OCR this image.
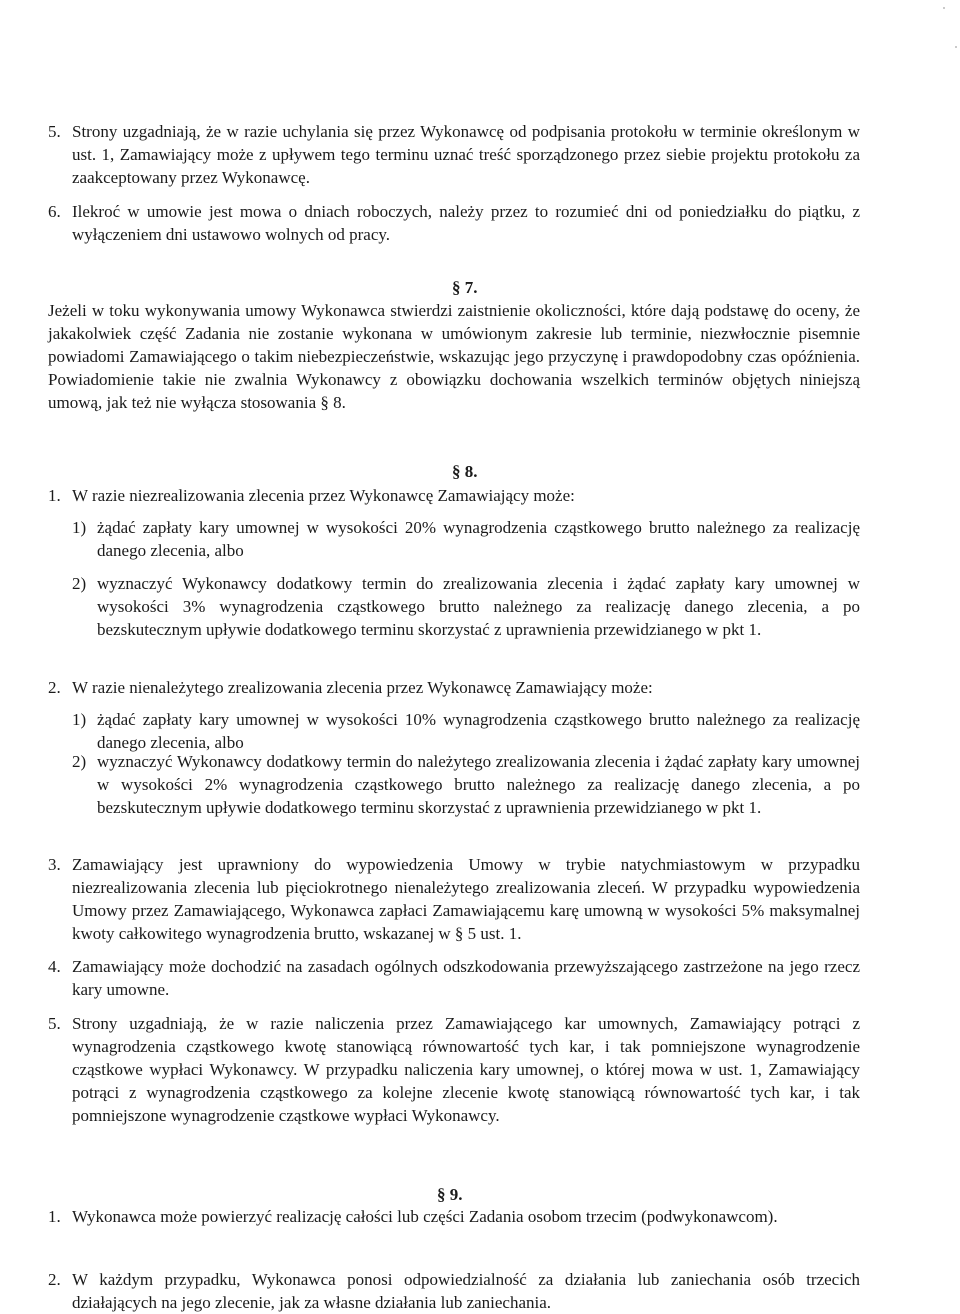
5. Strony uzgadniają, że w razie uchylania się przez Wykonawcę od podpisania protokołu w terminie określonym w ust. 1, Zamawiający może z upływem tego terminu uznać treść sporządzonego przez siebie projektu protokołu za zaakceptowany przez Wykonawcę.
6. Ilekroć w umowie jest mowa o dniach roboczych, należy przez to rozumieć dni od poniedziałku do piątku, z wyłączeniem dni ustawowo wolnych od pracy.
§ 7.
Jeżeli w toku wykonywania umowy Wykonawca stwierdzi zaistnienie okoliczności, które dają podstawę do oceny, że jakakolwiek część Zadania nie zostanie wykonana w umówionym zakresie lub terminie, niezwłocznie pisemnie powiadomi Zamawiającego o takim niebezpieczeństwie, wskazując jego przyczynę i prawdopodobny czas opóźnienia. Powiadomienie takie nie zwalnia Wykonawcy z obowiązku dochowania wszelkich terminów objętych niniejszą umową, jak też nie wyłącza stosowania § 8.
§ 8.
1. W razie niezrealizowania zlecenia przez Wykonawcę Zamawiający może:
1) żądać zapłaty kary umownej w wysokości 20% wynagrodzenia cząstkowego brutto należnego za realizację danego zlecenia, albo
2) wyznaczyć Wykonawcy dodatkowy termin do zrealizowania zlecenia i żądać zapłaty kary umownej w wysokości 3% wynagrodzenia cząstkowego brutto należnego za realizację danego zlecenia, a po bezskutecznym upływie dodatkowego terminu skorzystać z uprawnienia przewidzianego w pkt 1.
2. W razie nienależytego zrealizowania zlecenia przez Wykonawcę Zamawiający może:
1) żądać zapłaty kary umownej w wysokości 10% wynagrodzenia cząstkowego brutto należnego za realizację danego zlecenia, albo
2) wyznaczyć Wykonawcy dodatkowy termin do należytego zrealizowania zlecenia i żądać zapłaty kary umownej w wysokości 2% wynagrodzenia cząstkowego brutto należnego za realizację danego zlecenia, a po bezskutecznym upływie dodatkowego terminu skorzystać z uprawnienia przewidzianego w pkt 1.
3. Zamawiający jest uprawniony do wypowiedzenia Umowy w trybie natychmiastowym w przypadku niezrealizowania zlecenia lub pięciokrotnego nienależytego zrealizowania zleceń. W przypadku wypowiedzenia Umowy przez Zamawiającego, Wykonawca zapłaci Zamawiającemu karę umowną w wysokości 5% maksymalnej kwoty całkowitego wynagrodzenia brutto, wskazanej w § 5 ust. 1.
4. Zamawiający może dochodzić na zasadach ogólnych odszkodowania przewyższającego zastrzeżone na jego rzecz kary umowne.
5. Strony uzgadniają, że w razie naliczenia przez Zamawiającego kar umownych, Zamawiający potrąci z wynagrodzenia cząstkowego kwotę stanowiącą równowartość tych kar, i tak pomniejszone wynagrodzenie cząstkowe wypłaci Wykonawcy. W przypadku naliczenia kary umownej, o której mowa w ust. 1, Zamawiający potrąci z wynagrodzenia cząstkowego za kolejne zlecenie kwotę stanowiącą równowartość tych kar, i tak pomniejszone wynagrodzenie cząstkowe wypłaci Wykonawcy.
§ 9.
1. Wykonawca może powierzyć realizację całości lub części Zadania osobom trzecim (podwykonawcom).
2. W każdym przypadku, Wykonawca ponosi odpowiedzialność za działania lub zaniechania osób trzecich działających na jego zlecenie, jak za własne działania lub zaniechania.
